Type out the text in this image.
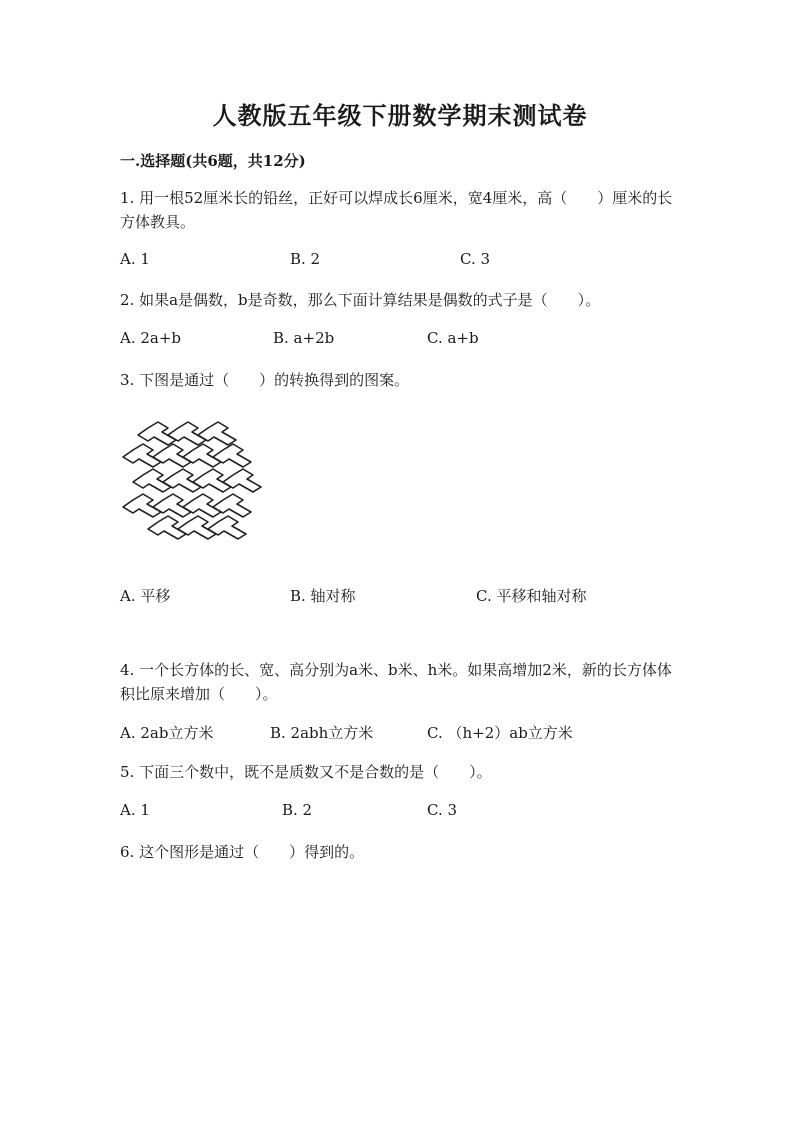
人教版五年级下册数学期末测试卷
一.选择题(共6题，共12分)
1. 用一根52厘米长的铅丝，正好可以焊成长6厘米，宽4厘米，高（　　）厘米的长方体教具。
A. 1	B. 2	C. 3
2. 如果a是偶数，b是奇数，那么下面计算结果是偶数的式子是（　　）。
A. 2a+b	B. a+2b	C. a+b
3. 下图是通过（　　）的转换得到的图案。
A. 平移	B. 轴对称	C. 平移和轴对称
4. 一个长方体的长、宽、高分别为a米、b米、h米。如果高增加2米，新的长方体体积比原来增加（　　）。
A. 2ab立方米	B. 2abh立方米	C. （h+2）ab立方米
5. 下面三个数中，既不是质数又不是合数的是（　　）。
A. 1	B. 2	C. 3
6. 这个图形是通过（　　）得到的。
